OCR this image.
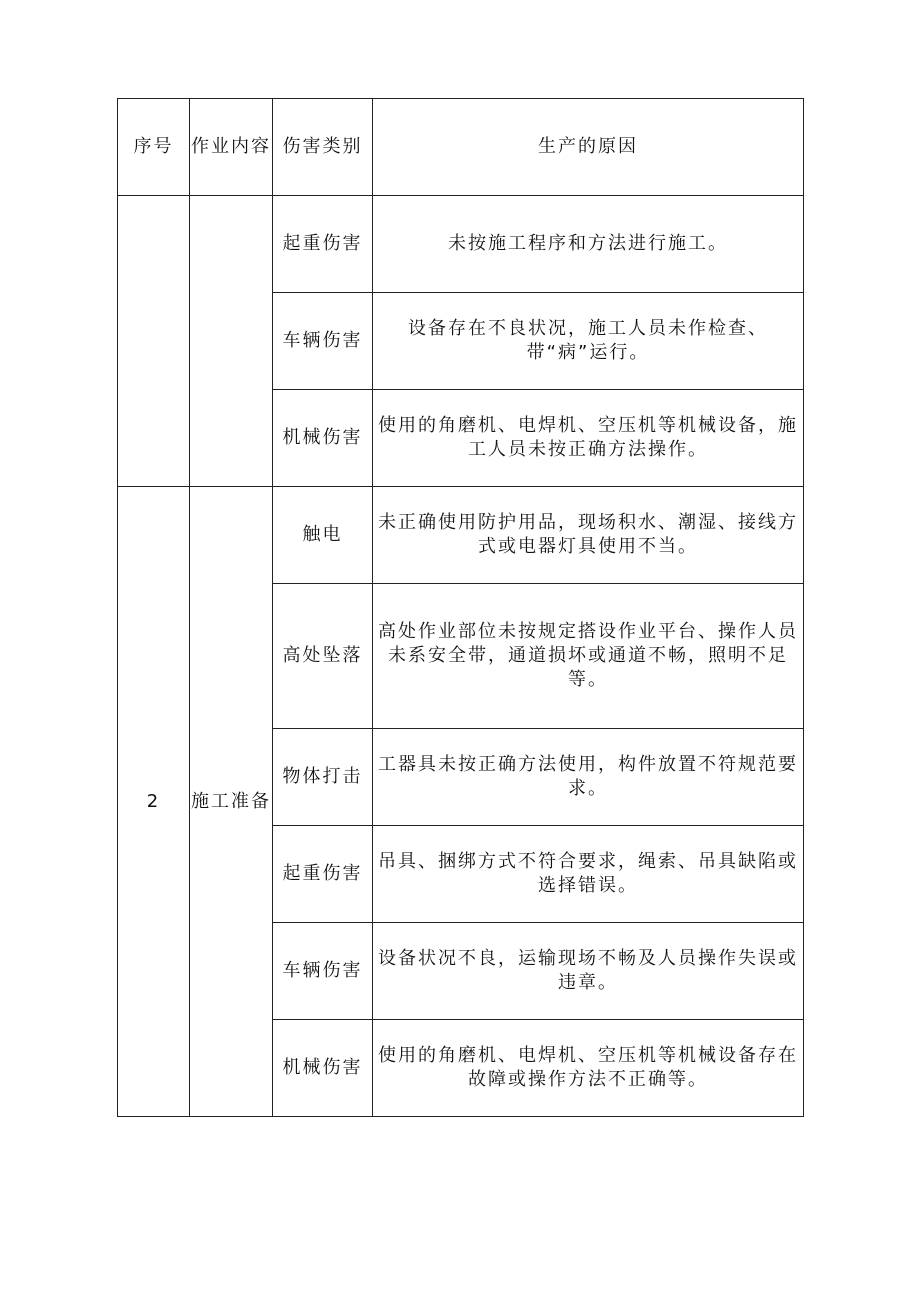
序号	作业内容	伤害类别	生产的原因
		起重伤害	未按施工程序和方法进行施工。
		车辆伤害	设备存在不良状况，施工人员未作检查、带“病”运行。
		机械伤害	使用的角磨机、电焊机、空压机等机械设备，施工人员未按正确方法操作。
2	施工准备	触电	未正确使用防护用品，现场积水、潮湿、接线方式或电器灯具使用不当。
		高处坠落	高处作业部位未按规定搭设作业平台、操作人员未系安全带，通道损坏或通道不畅，照明不足等。
		物体打击	工器具未按正确方法使用，构件放置不符规范要求。
		起重伤害	吊具、捆绑方式不符合要求，绳索、吊具缺陷或选择错误。
		车辆伤害	设备状况不良，运输现场不畅及人员操作失误或违章。
		机械伤害	使用的角磨机、电焊机、空压机等机械设备存在故障或操作方法不正确等。
